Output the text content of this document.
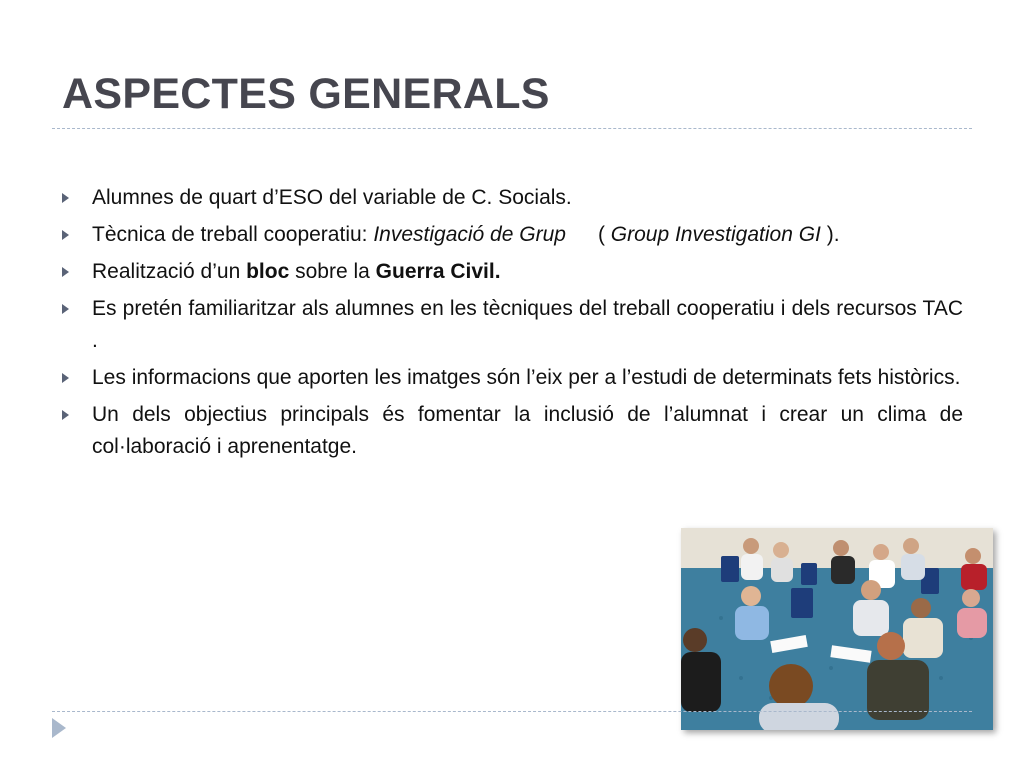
ASPECTES GENERALS
Alumnes de quart d’ESO del variable de C. Socials.
Tècnica de treball cooperatiu: Investigació de Grup ( Group Investigation GI ).
Realització d’un bloc sobre la Guerra Civil.
Es pretén familiaritzar als alumnes en les tècniques del treball cooperatiu i dels recursos TAC .
Les informacions que aporten les imatges són l’eix per a l’estudi de determinats fets històrics.
Un dels objectius principals és fomentar la inclusió de l’alumnat i crear un clima de col·laboració i aprenentatge.
